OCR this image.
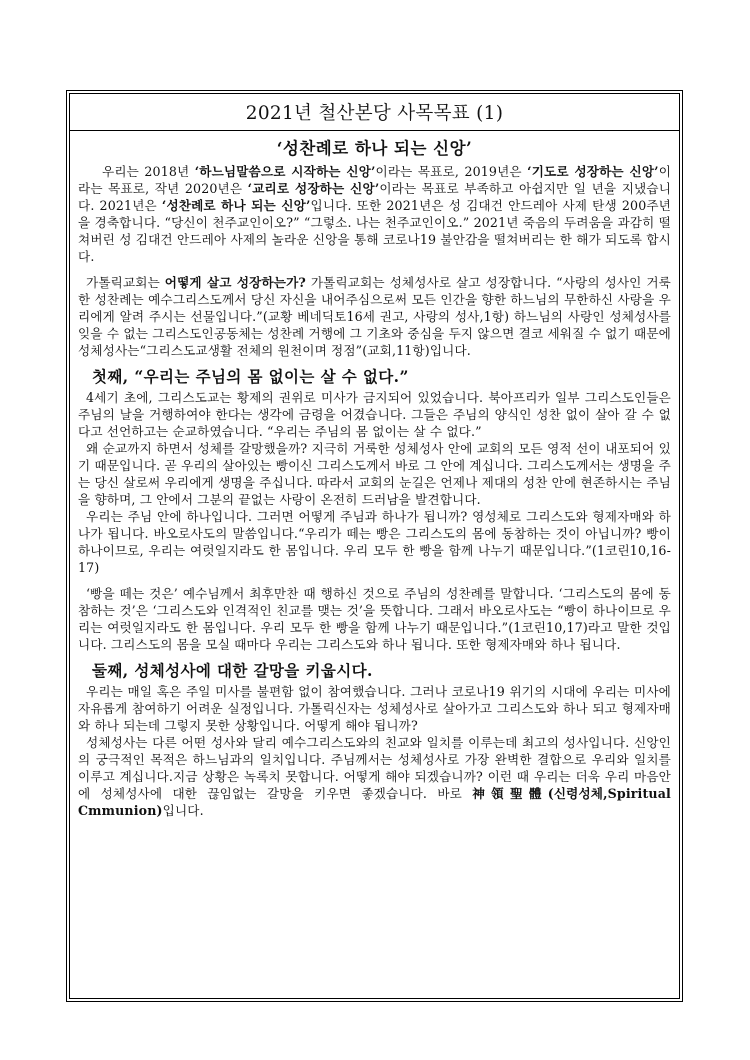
2021년 철산본당 사목목표 (1)
‘성찬례로 하나 되는 신앙’

우리는 2018년 ‘하느님말씀으로 시작하는 신앙’이라는 목표로, 2019년은 ‘기도로 성장하는 신앙’이라는 목표로, 작년 2020년은 ‘교리로 성장하는 신앙’이라는 목표로 부족하고 아쉽지만 일 년을 지냈습니다. 2021년은 ‘성찬례로 하나 되는 신앙’입니다. 또한 2021년은 성 김대건 안드레아 사제 탄생 200주년을 경축합니다. “당신이 천주교인이오?” “그렇소. 나는 천주교인이오.” 2021년 죽음의 두려움을 과감히 떨쳐버린 성 김대건 안드레아 사제의 놀라운 신앙을 통해 코로나19 불안감을 떨쳐버리는 한 해가 되도록 합시다.

가톨릭교회는 어떻게 살고 성장하는가? 가톨릭교회는 성체성사로 살고 성장합니다. “사랑의 성사인 거룩한 성찬례는 예수그리스도께서 당신 자신을 내어주심으로써 모든 인간을 향한 하느님의 무한하신 사랑을 우리에게 알려 주시는 선물입니다.”(교황 베네딕토16세 권고, 사랑의 성사,1항) 하느님의 사랑인 성체성사를 잊을 수 없는 그리스도인공동체는 성찬례 거행에 그 기초와 중심을 두지 않으면 결코 세워질 수 없기 때문에 성체성사는“그리스도교생활 전체의 원천이며 정점”(교회,11항)입니다.

첫째, “우리는 주님의 몸 없이는 살 수 없다.”

4세기 초에, 그리스도교는 황제의 권위로 미사가 금지되어 있었습니다. 북아프리카 일부 그리스도인들은 주님의 날을 거행하여야 한다는 생각에 금령을 어겼습니다. 그들은 주님의 양식인 성찬 없이 살아 갈 수 없다고 선언하고는 순교하였습니다. “우리는 주님의 몸 없이는 살 수 없다.”

왜 순교까지 하면서 성체를 갈망했을까? 지극히 거룩한 성체성사 안에 교회의 모든 영적 선이 내포되어 있기 때문입니다. 곧 우리의 살아있는 빵이신 그리스도께서 바로 그 안에 계십니다. 그리스도께서는 생명을 주는 당신 살로써 우리에게 생명을 주십니다. 따라서 교회의 눈길은 언제나 제대의 성찬 안에 현존하시는 주님을 향하며, 그 안에서 그분의 끝없는 사랑이 온전히 드러남을 발견합니다.

우리는 주님 안에 하나입니다. 그러면 어떻게 주님과 하나가 됩니까? 영성체로 그리스도와 형제자매와 하나가 됩니다. 바오로사도의 말씀입니다.“우리가 떼는 빵은 그리스도의 몸에 동참하는 것이 아닙니까? 빵이 하나이므로, 우리는 여럿일지라도 한 몸입니다. 우리 모두 한 빵을 함께 나누기 때문입니다.”(1코린10,16-17)

‘빵을 떼는 것은’ 예수님께서 최후만찬 때 행하신 것으로 주님의 성찬례를 말합니다. ‘그리스도의 몸에 동참하는 것’은 ‘그리스도와 인격적인 친교를 맺는 것’을 뜻합니다. 그래서 바오로사도는 “빵이 하나이므로 우리는 여럿일지라도 한 몸입니다. 우리 모두 한 빵을 함께 나누기 때문입니다.”(1코린10,17)라고 말한 것입니다. 그리스도의 몸을 모실 때마다 우리는 그리스도와 하나 됩니다. 또한 형제자매와 하나 됩니다.

둘째, 성체성사에 대한 갈망을 키웁시다.

우리는 매일 혹은 주일 미사를 불편함 없이 참여했습니다. 그러나 코로나19 위기의 시대에 우리는 미사에 자유롭게 참여하기 어려운 실정입니다. 가톨릭신자는 성체성사로 살아가고 그리스도와 하나 되고 형제자매와 하나 되는데 그렇지 못한 상황입니다. 어떻게 해야 됩니까?

성체성사는 다른 어떤 성사와 달리 예수그리스도와의 친교와 일치를 이루는데 최고의 성사입니다. 신앙인의 궁극적인 목적은 하느님과의 일치입니다. 주님께서는 성체성사로 가장 완벽한 결합으로 우리와 일치를 이루고 계십니다.지금 상황은 녹록치 못합니다. 어떻게 해야 되겠습니까? 이런 때 우리는 더욱 우리 마음안에 성체성사에 대한 끊임없는 갈망을 키우면 좋겠습니다. 바로 神領聖體(신령성체,Spiritual Cmmunion)입니다.
